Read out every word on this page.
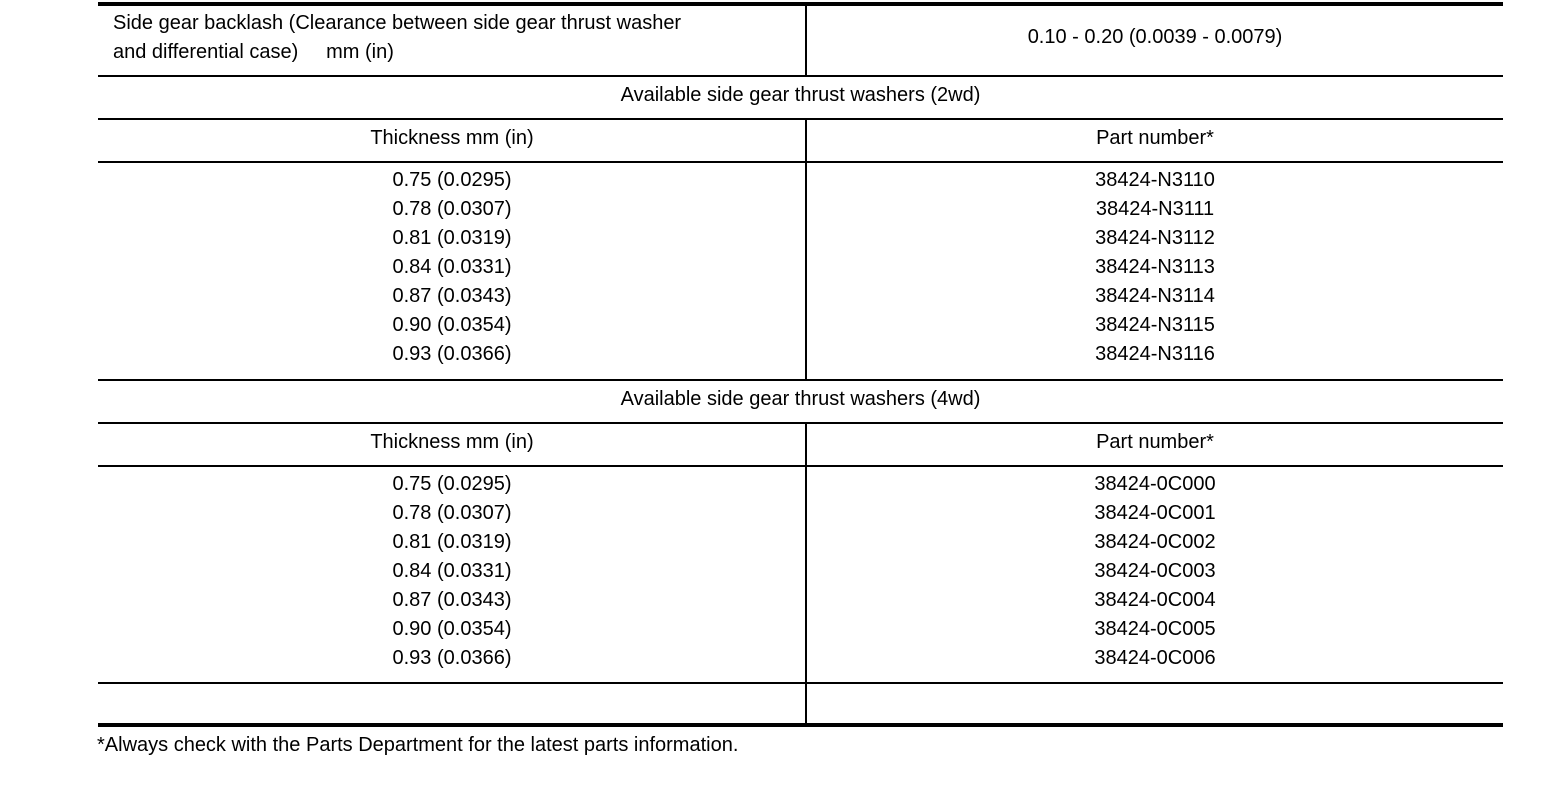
Side gear backlash (Clearance between side gear thrust washer
and differential case)     mm (in)
0.10 - 0.20 (0.0039 - 0.0079)
Available side gear thrust washers (2wd)
Thickness mm (in)	Part number*
0.75 (0.0295)
0.78 (0.0307)
0.81 (0.0319)
0.84 (0.0331)
0.87 (0.0343)
0.90 (0.0354)
0.93 (0.0366)
38424-N3110
38424-N3111
38424-N3112
38424-N3113
38424-N3114
38424-N3115
38424-N3116
Available side gear thrust washers (4wd)
Thickness mm (in)	Part number*
0.75 (0.0295)
0.78 (0.0307)
0.81 (0.0319)
0.84 (0.0331)
0.87 (0.0343)
0.90 (0.0354)
0.93 (0.0366)
38424-0C000
38424-0C001
38424-0C002
38424-0C003
38424-0C004
38424-0C005
38424-0C006
*Always check with the Parts Department for the latest parts information.
